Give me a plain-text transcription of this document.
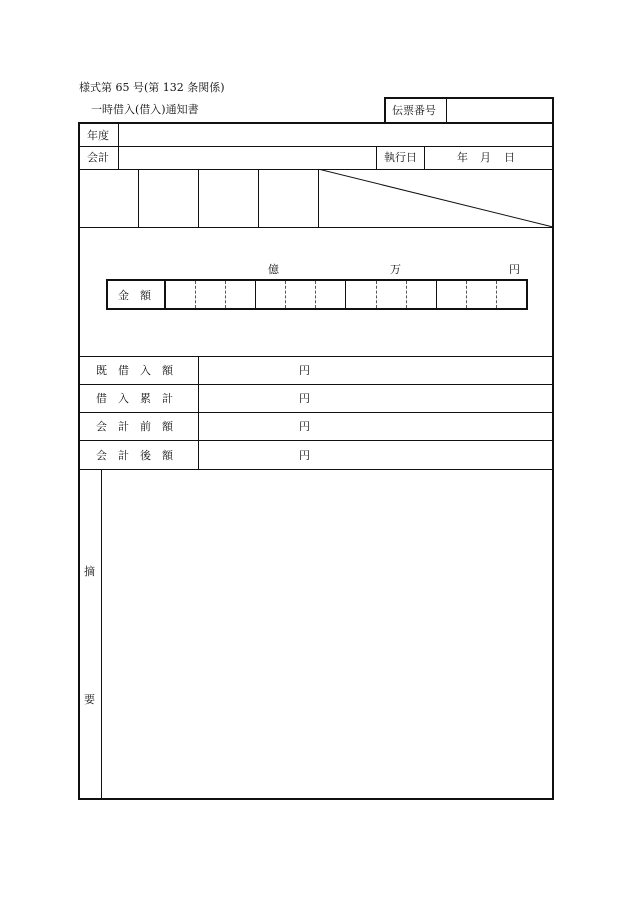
様式第 65 号(第 132 条関係)
一時借入(借入)通知書	伝票番号
年度
会計	執行日	年 月 日
億	万	円
金　額
既　借　入　額	円
借　入　累　計	円
会　計　前　額	円
会　計　後　額	円
摘
要
